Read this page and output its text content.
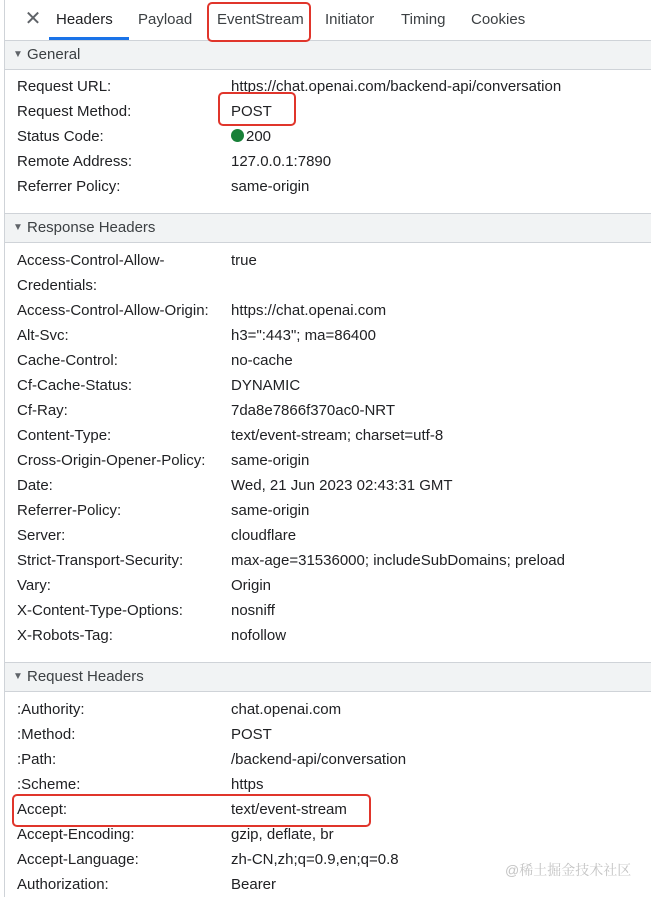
✕ Headers Payload EventStream Initiator Timing Cookies
▼ General
Request URL:	https://chat.openai.com/backend-api/conversation
Request Method:	POST
Status Code:	200
Remote Address:	127.0.0.1:7890
Referrer Policy:	same-origin
▼ Response Headers
Access-Control-Allow-	true
Credentials:
Access-Control-Allow-Origin: https://chat.openai.com
Alt-Svc:	h3=":443"; ma=86400
Cache-Control:	no-cache
Cf-Cache-Status:	DYNAMIC
Cf-Ray:	7da8e7866f370ac0-NRT
Content-Type:	text/event-stream; charset=utf-8
Cross-Origin-Opener-Policy: same-origin
Date:	Wed, 21 Jun 2023 02:43:31 GMT
Referrer-Policy:	same-origin
Server:	cloudflare
Strict-Transport-Security:	max-age=31536000; includeSubDomains; preload
Vary:	Origin
X-Content-Type-Options:	nosniff
X-Robots-Tag:	nofollow
▼ Request Headers
:Authority:	chat.openai.com
:Method:	POST
:Path:	/backend-api/conversation
:Scheme:	https
Accept:	text/event-stream
Accept-Encoding:	gzip, deflate, br
Accept-Language:	zh-CN,zh;q=0.9,en;q=0.8
Authorization:	Bearer
@稀土掘金技术社区
